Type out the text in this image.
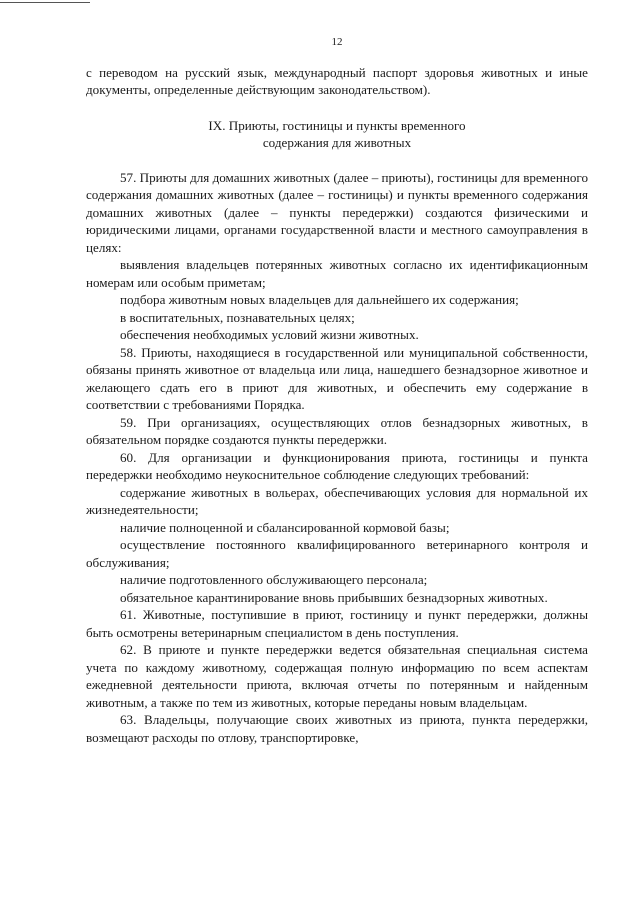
12

с переводом на русский язык, международный паспорт здоровья животных и иные документы, определенные действующим законодательством).

IX. Приюты, гостиницы и пункты временного
содержания для животных

57. Приюты для домашних животных (далее – приюты), гостиницы для временного содержания домашних животных (далее – гостиницы) и пункты временного содержания домашних животных (далее – пункты передержки) создаются физическими и юридическими лицами, органами государственной власти и местного самоуправления в целях:

выявления владельцев потерянных животных согласно их идентификационным номерам или особым приметам;

подбора животным новых владельцев для дальнейшего их содержания;

в воспитательных, познавательных целях;

обеспечения необходимых условий жизни животных.

58. Приюты, находящиеся в государственной или муниципальной собственности, обязаны принять животное от владельца или лица, нашедшего безнадзорное животное и желающего сдать его в приют для животных, и обеспечить ему содержание в соответствии с требованиями Порядка.

59. При организациях, осуществляющих отлов безнадзорных животных, в обязательном порядке создаются пункты передержки.

60. Для организации и функционирования приюта, гостиницы и пункта передержки необходимо неукоснительное соблюдение следующих требований:

содержание животных в вольерах, обеспечивающих условия для нормальной их жизнедеятельности;

наличие полноценной и сбалансированной кормовой базы;

осуществление постоянного квалифицированного ветеринарного контроля и обслуживания;

наличие подготовленного обслуживающего персонала;

обязательное карантинирование вновь прибывших безнадзорных животных.

61. Животные, поступившие в приют, гостиницу и пункт передержки, должны быть осмотрены ветеринарным специалистом в день поступления.

62. В приюте и пункте передержки ведется обязательная специальная система учета по каждому животному, содержащая полную информацию по всем аспектам ежедневной деятельности приюта, включая отчеты по потерянным и найденным животным, а также по тем из животных, которые переданы новым владельцам.

63. Владельцы, получающие своих животных из приюта, пункта передержки, возмещают расходы по отлову, транспортировке,
